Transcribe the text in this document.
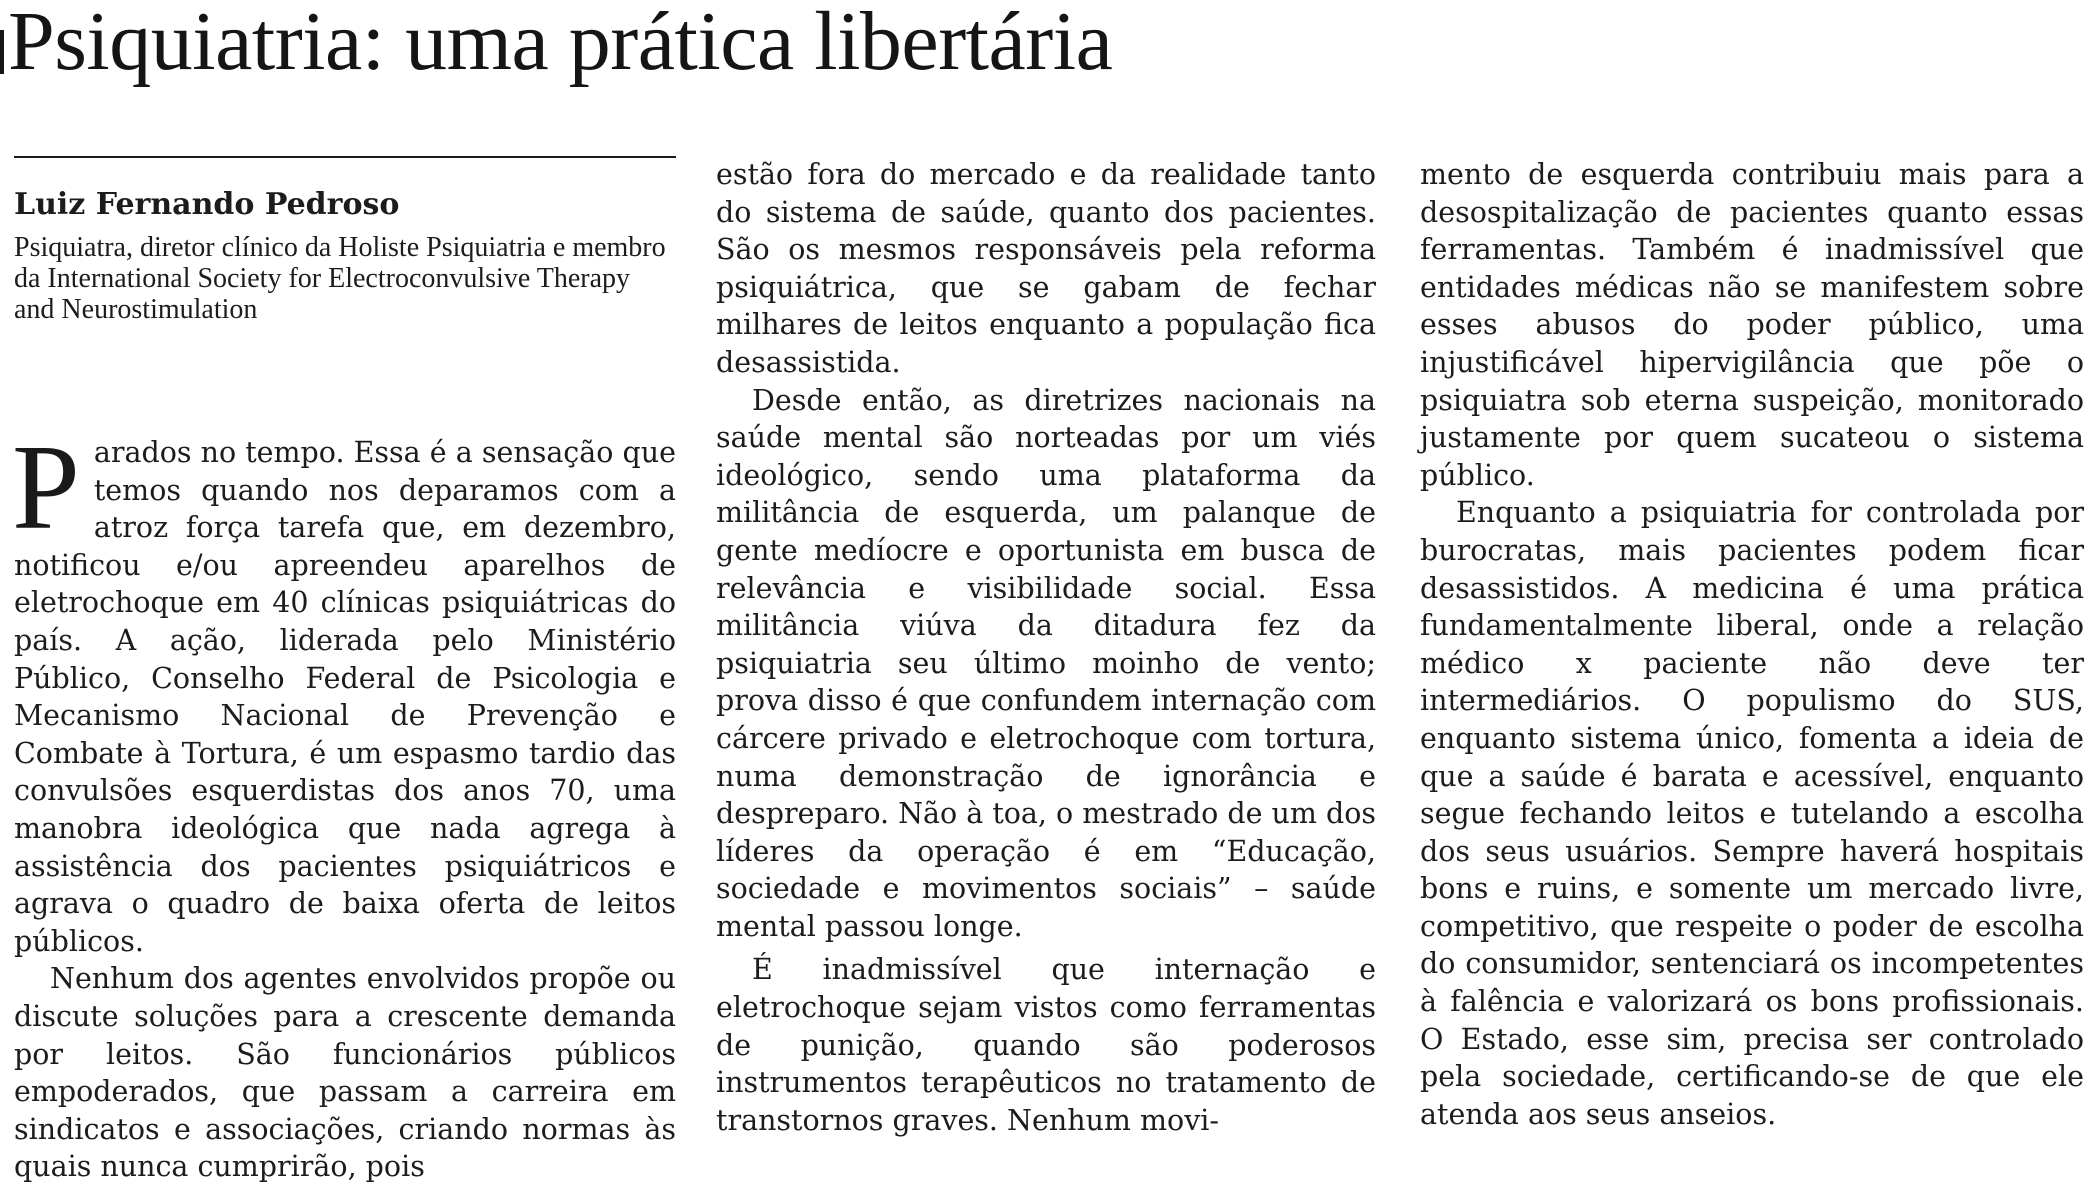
Psiquiatria: uma prática libertária

Luiz Fernando Pedroso

Psiquiatra, diretor clínico da Holiste Psiquiatria e membro da International Society for Electroconvulsive Therapy and Neurostimulation

Parados no tempo. Essa é a sensação que temos quando nos deparamos com a atroz força tarefa que, em dezembro, notificou e/ou apreendeu aparelhos de eletrochoque em 40 clínicas psiquiátricas do país. A ação, liderada pelo Ministério Público, Conselho Federal de Psicologia e Mecanismo Nacional de Prevenção e Combate à Tortura, é um espasmo tardio das convulsões esquerdistas dos anos 70, uma manobra ideológica que nada agrega à assistência dos pacientes psiquiátricos e agrava o quadro de baixa oferta de leitos públicos.

Nenhum dos agentes envolvidos propõe ou discute soluções para a crescente demanda por leitos. São funcionários públicos empoderados, que passam a carreira em sindicatos e associações, criando normas às quais nunca cumprirão, pois

estão fora do mercado e da realidade tanto do sistema de saúde, quanto dos pacientes. São os mesmos responsáveis pela reforma psiquiátrica, que se gabam de fechar milhares de leitos enquanto a população fica desassistida.

Desde então, as diretrizes nacionais na saúde mental são norteadas por um viés ideológico, sendo uma plataforma da militância de esquerda, um palanque de gente medíocre e oportunista em busca de relevância e visibilidade social. Essa militância viúva da ditadura fez da psiquiatria seu último moinho de vento; prova disso é que confundem internação com cárcere privado e eletrochoque com tortura, numa demonstração de ignorância e despreparo. Não à toa, o mestrado de um dos líderes da operação é em “Educação, sociedade e movimentos sociais” – saúde mental passou longe.

É inadmissível que internação e eletrochoque sejam vistos como ferramentas de punição, quando são poderosos instrumentos terapêuticos no tratamento de transtornos graves. Nenhum movi-

mento de esquerda contribuiu mais para a desospitalização de pacientes quanto essas ferramentas. Também é inadmissível que entidades médicas não se manifestem sobre esses abusos do poder público, uma injustificável hipervigilância que põe o psiquiatra sob eterna suspeição, monitorado justamente por quem sucateou o sistema público.

Enquanto a psiquiatria for controlada por burocratas, mais pacientes podem ficar desassistidos. A medicina é uma prática fundamentalmente liberal, onde a relação médico x paciente não deve ter intermediários. O populismo do SUS, enquanto sistema único, fomenta a ideia de que a saúde é barata e acessível, enquanto segue fechando leitos e tutelando a escolha dos seus usuários. Sempre haverá hospitais bons e ruins, e somente um mercado livre, competitivo, que respeite o poder de escolha do consumidor, sentenciará os incompetentes à falência e valorizará os bons profissionais. O Estado, esse sim, precisa ser controlado pela sociedade, certificando-se de que ele atenda aos seus anseios.
